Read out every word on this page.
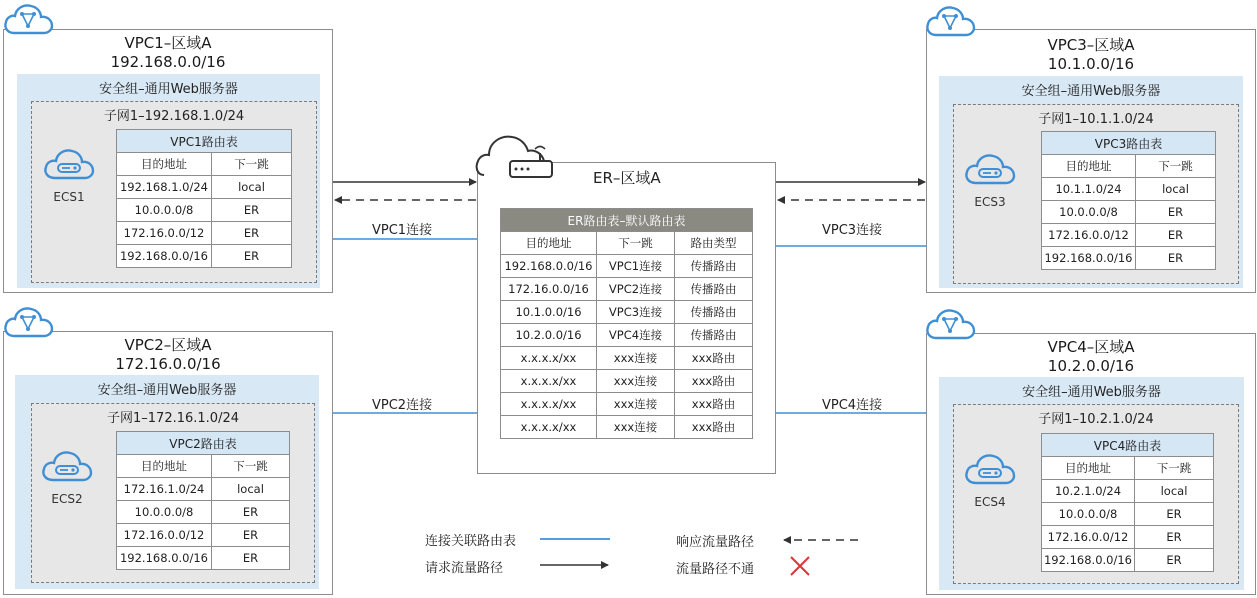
VPC1–区域A
192.168.0.0/16
安全组–通用Web服务器
子网1–192.168.1.0/24
ECS1
VPC1路由表	
目的地址	下一跳
192.168.1.0/24	local
10.0.0.0/8	ER
172.16.0.0/12	ER
192.168.0.0/16	ER
VPC2–区域A
172.16.0.0/16
安全组–通用Web服务器
子网1–172.16.1.0/24
ECS2
VPC2路由表	
目的地址	下一跳
172.16.1.0/24	local
10.0.0.0/8	ER
172.16.0.0/12	ER
192.168.0.0/16	ER
VPC3–区域A
10.1.0.0/16
安全组–通用Web服务器
子网1–10.1.1.0/24
ECS3
VPC3路由表	
目的地址	下一跳
10.1.1.0/24	local
10.0.0.0/8	ER
172.16.0.0/12	ER
192.168.0.0/16	ER
VPC4–区域A
10.2.0.0/16
安全组–通用Web服务器
子网1–10.2.1.0/24
ECS4
VPC4路由表	
目的地址	下一跳
10.2.1.0/24	local
10.0.0.0/8	ER
172.16.0.0/12	ER
192.168.0.0/16	ER
ER–区域A
ER路由表–默认路由表		
目的地址	下一跳	路由类型
192.168.0.0/16	VPC1连接	传播路由
172.16.0.0/16	VPC2连接	传播路由
10.1.0.0/16	VPC3连接	传播路由
10.2.0.0/16	VPC4连接	传播路由
x.x.x.x/xx	xxx连接	xxx路由
x.x.x.x/xx	xxx连接	xxx路由
x.x.x.x/xx	xxx连接	xxx路由
x.x.x.x/xx	xxx连接	xxx路由
VPC1连接	VPC3连接
VPC2连接	VPC4连接
连接关联路由表
请求流量路径
响应流量路径
流量路径不通
